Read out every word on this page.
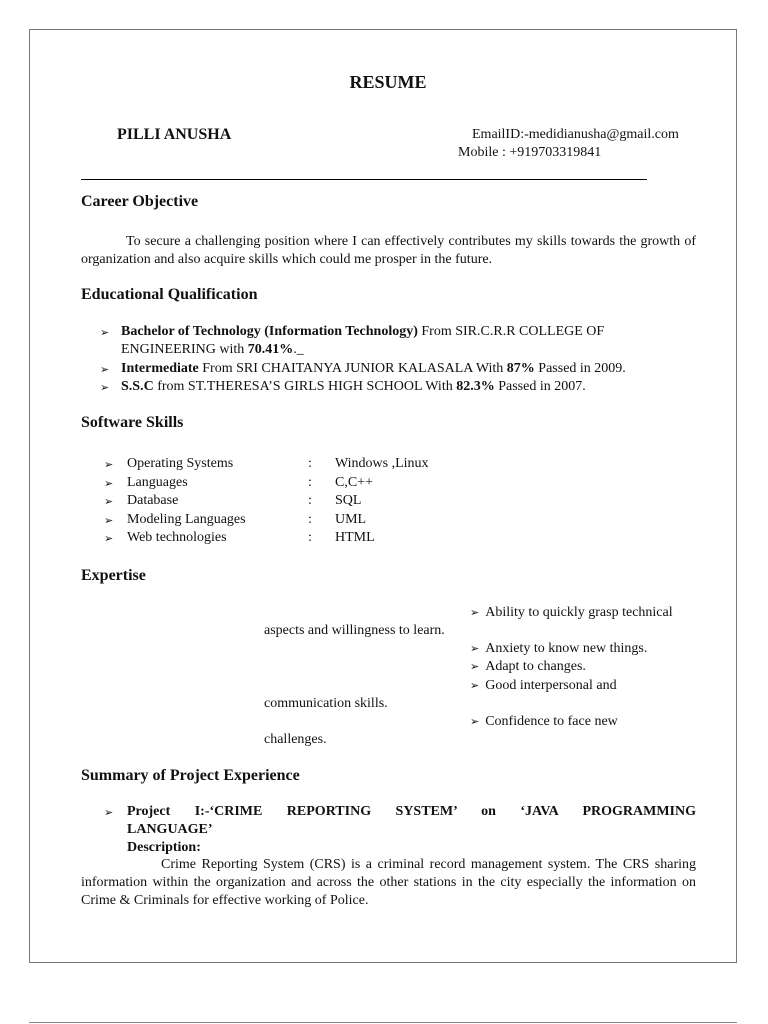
RESUME
PILLI ANUSHA	EmailID:-medidianusha@gmail.com
Mobile : +919703319841
Career Objective
To secure a challenging position where I can effectively contributes my skills towards the growth of organization and also acquire skills which could me prosper in the future.
Educational Qualification
➢ Bachelor of Technology (Information Technology) From SIR.C.R.R COLLEGE OF ENGINEERING with 70.41%._
➢ Intermediate From SRI CHAITANYA JUNIOR KALASALA With 87% Passed in 2009.
➢ S.S.C from ST.THERESA’S GIRLS HIGH SCHOOL With 82.3% Passed in 2007.
Software Skills
➢ Operating Systems	: Windows ,Linux
➢ Languages	: C,C++
➢ Database	: SQL
➢ Modeling Languages	: UML
➢ Web technologies	: HTML
Expertise
➢ Ability to quickly grasp technical
aspects and willingness to learn.
➢ Anxiety to know new things.
➢ Adapt to changes.
➢ Good interpersonal and
communication skills.
➢ Confidence to face new
challenges.
Summary of Project Experience
➢ Project I:-‘CRIME REPORTING SYSTEM’ on ‘JAVA PROGRAMMING
LANGUAGE’
Description:
Crime Reporting System (CRS) is a criminal record management system. The CRS sharing information within the organization and across the other stations in the city especially the information on Crime & Criminals for effective working of Police.
